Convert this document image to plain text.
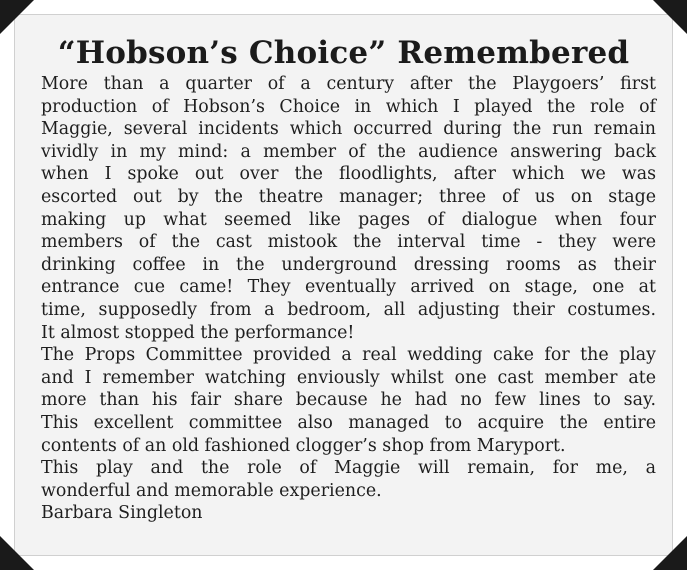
“Hobson’s Choice” Remembered
More than a quarter of a century after the Playgoers’ first
production of Hobson’s Choice in which I played the role of
Maggie, several incidents which occurred during the run remain
vividly in my mind: a member of the audience answering back
when I spoke out over the floodlights, after which we was
escorted out by the theatre manager; three of us on stage
making up what seemed like pages of dialogue when four
members of the cast mistook the interval time - they were
drinking coffee in the underground dressing rooms as their
entrance cue came! They eventually arrived on stage, one at
time, supposedly from a bedroom, all adjusting their costumes.
It almost stopped the performance!
The Props Committee provided a real wedding cake for the play
and I remember watching enviously whilst one cast member ate
more than his fair share because he had no few lines to say.
This excellent committee also managed to acquire the entire
contents of an old fashioned clogger’s shop from Maryport.
This play and the role of Maggie will remain, for me, a
wonderful and memorable experience.
Barbara Singleton
